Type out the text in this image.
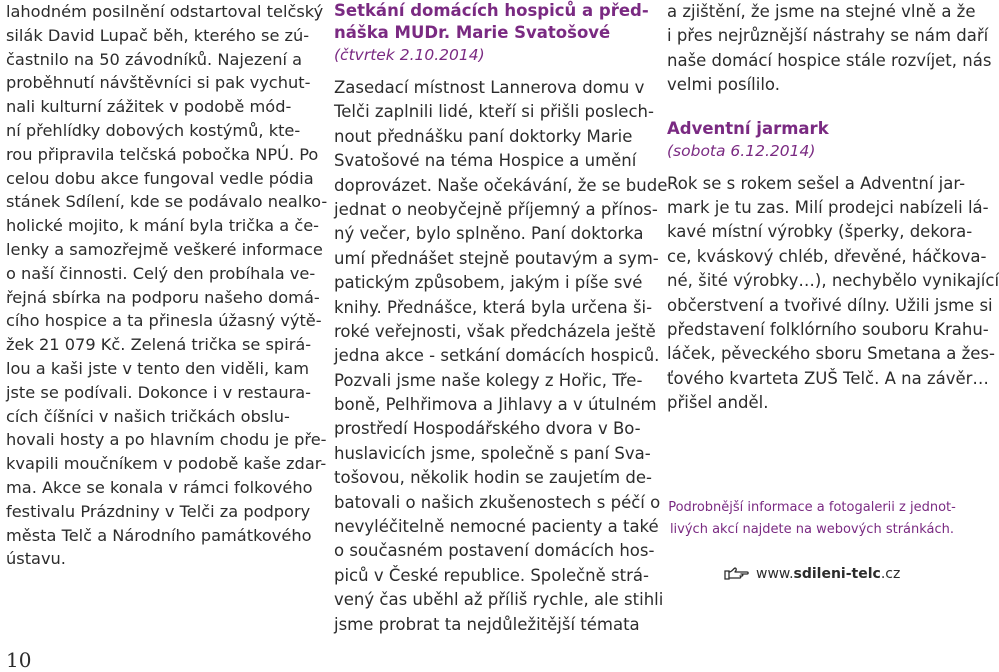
lahodném posilnění odstartoval telčský
silák David Lupač běh, kterého se zú-
častnilo na 50 závodníků. Najezení a
proběhnutí návštěvníci si pak vychut-
nali kulturní zážitek v podobě mód-
ní přehlídky dobových kostýmů, kte-
rou připravila telčská pobočka NPÚ. Po
celou dobu akce fungoval vedle pódia
stánek Sdílení, kde se podávalo nealko-
holické mojito, k mání byla trička a če-
lenky a samozřejmě veškeré informace
o naší činnosti. Celý den probíhala ve-
řejná sbírka na podporu našeho domá-
cího hospice a ta přinesla úžasný výtě-
žek 21 079 Kč. Zelená trička se spirá-
lou a kaši jste v tento den viděli, kam
jste se podívali. Dokonce i v restaura-
cích číšníci v našich tričkách obslu-
hovali hosty a po hlavním chodu je pře-
kvapili moučníkem v podobě kaše zdar-
ma. Akce se konala v rámci folkového
festivalu Prázdniny v Telči za podpory
města Telč a Národního památkového
ústavu.
Setkání domácích hospiců a před-
náška MUDr. Marie Svatošové
(čtvrtek 2.10.2014)
Zasedací místnost Lannerova domu v
Telči zaplnili lidé, kteří si přišli poslech-
nout přednášku paní doktorky Marie
Svatošové na téma Hospice a umění
doprovázet. Naše očekávání, že se bude
jednat o neobyčejně příjemný a přínos-
ný večer, bylo splněno. Paní doktorka
umí přednášet stejně poutavým a sym-
patickým způsobem, jakým i píše své
knihy. Přednášce, která byla určena ši-
roké veřejnosti, však předcházela ještě
jedna akce - setkání domácích hospiců.
Pozvali jsme naše kolegy z Hořic, Tře-
boně, Pelhřimova a Jihlavy a v útulném
prostředí Hospodářského dvora v Bo-
huslavicích jsme, společně s paní Sva-
tošovou, několik hodin se zaujetím de-
batovali o našich zkušenostech s péčí o
nevyléčitelně nemocné pacienty a také
o současném postavení domácích hos-
piců v České republice. Společně strá-
vený čas uběhl až příliš rychle, ale stihli
jsme probrat ta nejdůležitější témata
a zjištění, že jsme na stejné vlně a že
i přes nejrůznější nástrahy se nám daří
naše domácí hospice stále rozvíjet, nás
velmi posílilo.
Adventní jarmark
(sobota 6.12.2014)
Rok se s rokem sešel a Adventní jar-
mark je tu zas. Milí prodejci nabízeli lá-
kavé místní výrobky (šperky, dekora-
ce, kváskový chléb, dřevěné, háčkova-
né, šité výrobky…), nechybělo vynikající
občerstvení a tvořivé dílny. Užili jsme si
představení folklórního souboru Krahu-
láček, pěveckého sboru Smetana a žes-
ťového kvarteta ZUŠ Telč. A na závěr…
přišel anděl.
Podrobnější informace a fotogalerii z jednot-
livých akcí najdete na webových stránkách.
www.sdileni-telc.cz
10
